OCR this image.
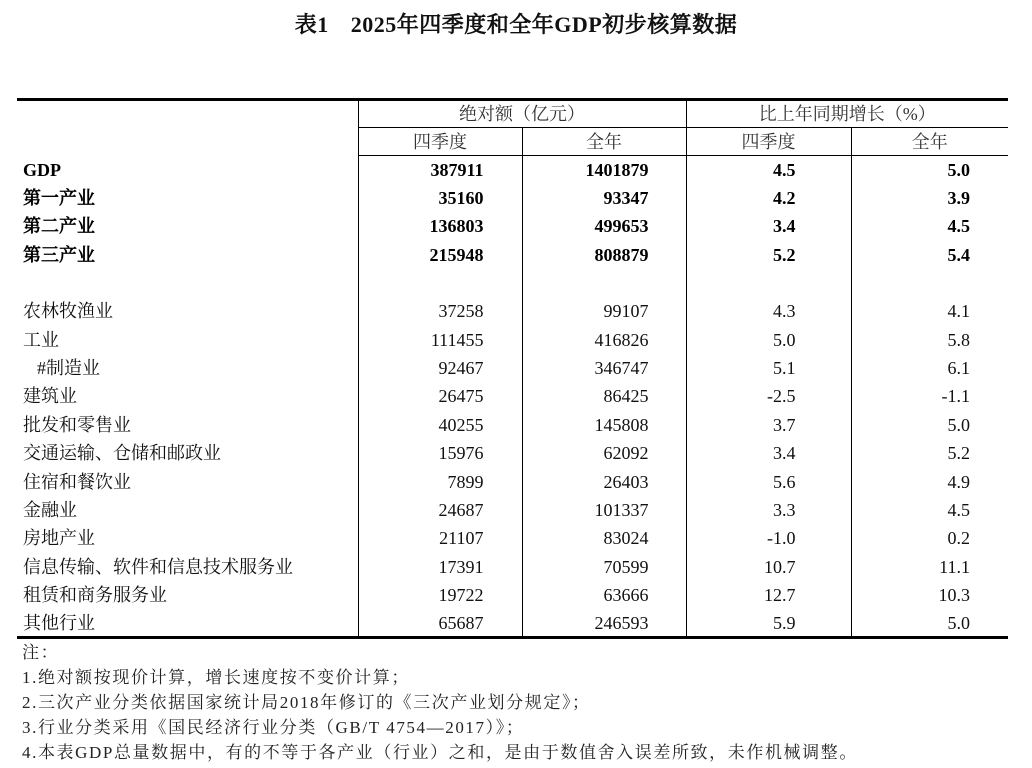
表1 2025年四季度和全年GDP初步核算数据
	绝对额（亿元）		比上年同期增长（%）	
	四季度	全年	四季度	全年
GDP	387911	1401879	4.5	5.0
第一产业	35160	93347	4.2	3.9
第二产业	136803	499653	3.4	4.5
第三产业	215948	808879	5.2	5.4

农林牧渔业	37258	99107	4.3	4.1
工业	111455	416826	5.0	5.8
#制造业	92467	346747	5.1	6.1
建筑业	26475	86425	-2.5	-1.1
批发和零售业	40255	145808	3.7	5.0
交通运输、仓储和邮政业	15976	62092	3.4	5.2
住宿和餐饮业	7899	26403	5.6	4.9
金融业	24687	101337	3.3	4.5
房地产业	21107	83024	-1.0	0.2
信息传输、软件和信息技术服务业	17391	70599	10.7	11.1
租赁和商务服务业	19722	63666	12.7	10.3
其他行业	65687	246593	5.9	5.0
注：
1.绝对额按现价计算，增长速度按不变价计算；
2.三次产业分类依据国家统计局2018年修订的《三次产业划分规定》；
3.行业分类采用《国民经济行业分类（GB/T 4754—2017）》；
4.本表GDP总量数据中，有的不等于各产业（行业）之和，是由于数值舍入误差所致，未作机械调整。
